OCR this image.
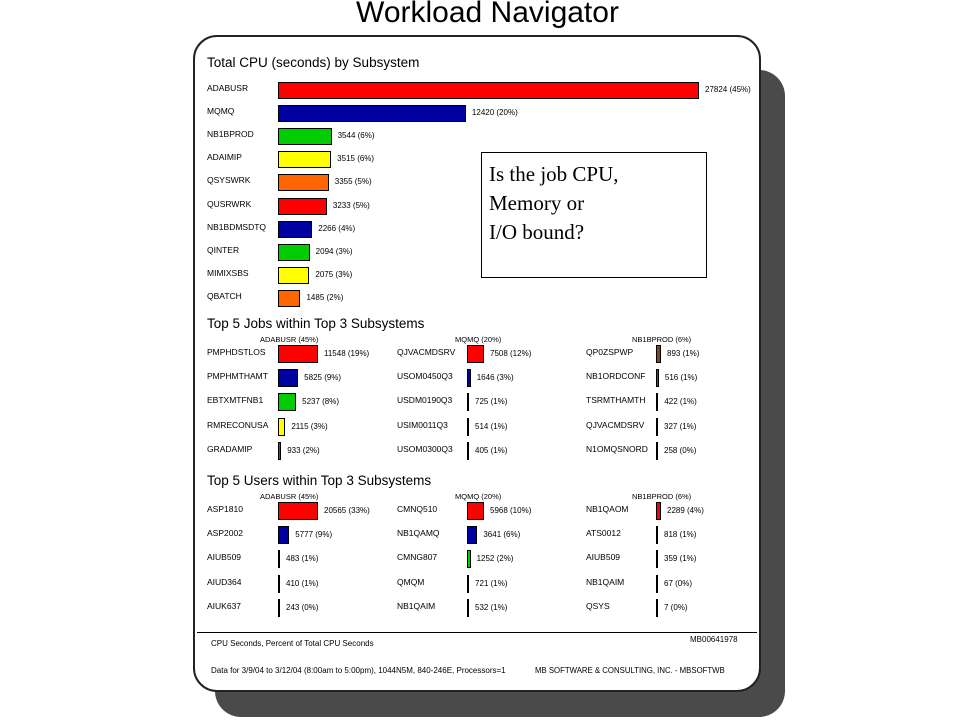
Workload Navigator
Total CPU (seconds) by Subsystem
ADABUSR	27824 (45%)
MQMQ	12420 (20%)
NB1BPROD	3544 (6%)
ADAIMIP	3515 (6%)
QSYSWRK	3355 (5%)
QUSRWRK	3233 (5%)
NB1BDMSDTQ	2266 (4%)
QINTER	2094 (3%)
MIMIXSBS	2075 (3%)
QBATCH	1485 (2%)
Top 5 Jobs within Top 3 Subsystems
ADABUSR (45%)
PMPHDSTLOS	11548 (19%)
PMPHMTHAMT	5825 (9%)
EBTXMTFNB1	5237 (8%)
RMRECONUSA	2115 (3%)
GRADAMIP	933 (2%)
MQMQ (20%)
QJVACMDSRV	7508 (12%)
USOM0450Q3	1646 (3%)
USDM0190Q3	725 (1%)
USIM0011Q3	514 (1%)
USOM0300Q3	405 (1%)
NB1BPROD (6%)
QP0ZSPWP	893 (1%)
NB1ORDCONF 516 (1%)
TSRMTHAMTH 422 (1%)
QJVACMDSRV 327 (1%)
N1OMQSNORD 258 (0%)
Top 5 Users within Top 3 Subsystems
ADABUSR (45%)
ASP1810	20565 (33%)
ASP2002	5777 (9%)
AIUB509	483 (1%)
AIUD364	410 (1%)
AIUK637	243 (0%)
MQMQ (20%)
CMNQ510	5968 (10%)
NB1QAMQ	3641 (6%)
CMNG807	1252 (2%)
QMQM	721 (1%)
NB1QAIM	532 (1%)
NB1BPROD (6%)
NB1QAOM	2289 (4%)
ATS0012	818 (1%)
AIUB509	359 (1%)
NB1QAIM	67 (0%)
QSYS	7 (0%)
CPU Seconds, Percent of Total CPU Seconds	MB00641978
Data for 3/9/04 to 3/12/04 (8:00am to 5:00pm), 1044N5M, 840-246E, Processors=1	MB SOFTWARE & CONSULTING, INC. - MBSOFTWB
Is the job CPU,
Memory or
I/O bound?
